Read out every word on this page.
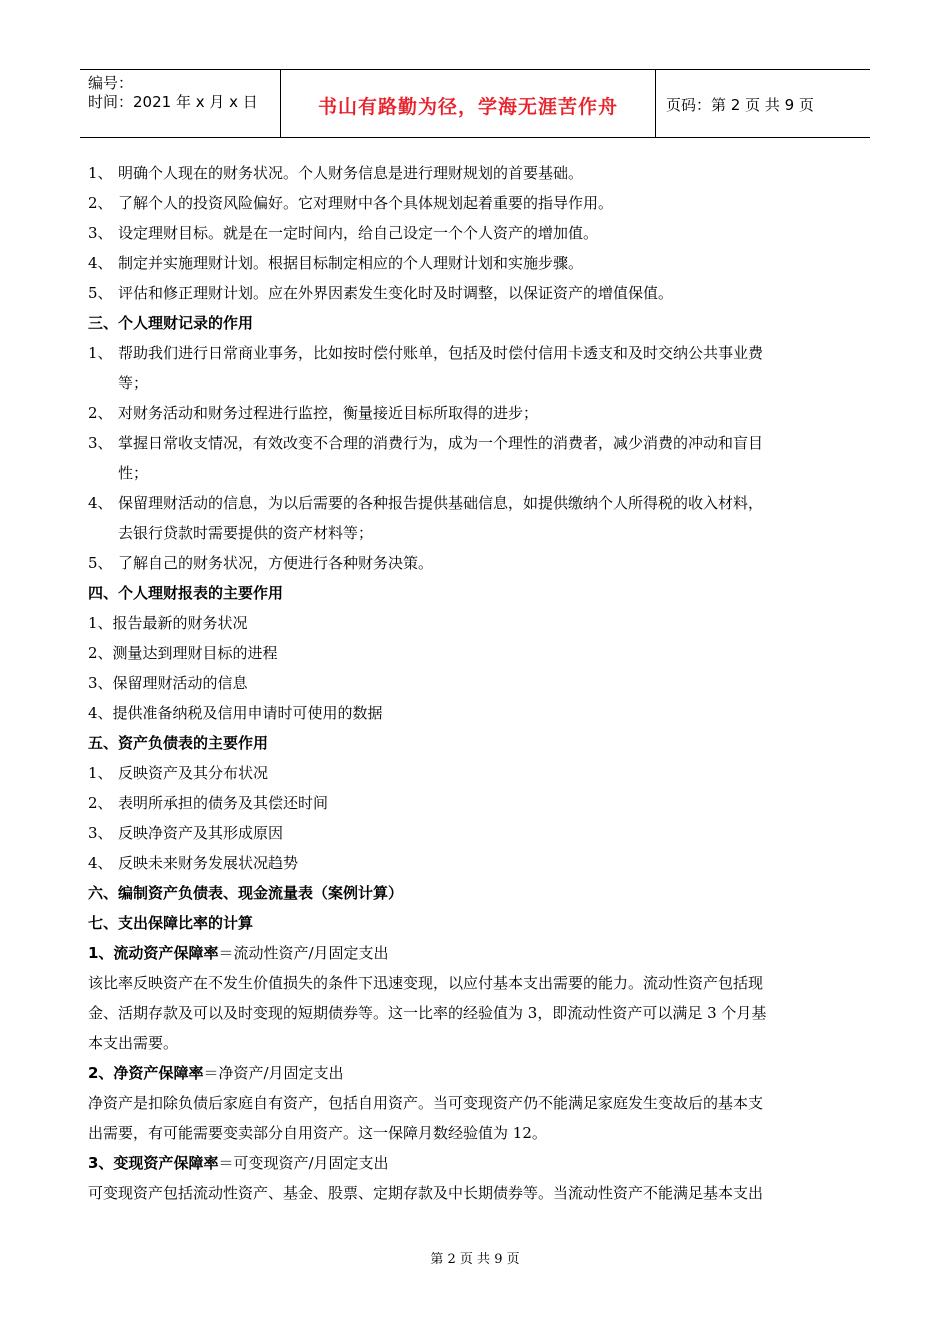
编号：
时间：2021 年 x 月 x 日	书山有路勤为径，学海无涯苦作舟	页码：第 2 页 共 9 页
1、 明确个人现在的财务状况。个人财务信息是进行理财规划的首要基础。
2、 了解个人的投资风险偏好。它对理财中各个具体规划起着重要的指导作用。
3、 设定理财目标。就是在一定时间内，给自己设定一个个人资产的增加值。
4、 制定并实施理财计划。根据目标制定相应的个人理财计划和实施步骤。
5、 评估和修正理财计划。应在外界因素发生变化时及时调整，以保证资产的增值保值。
三、个人理财记录的作用
1、 帮助我们进行日常商业事务，比如按时偿付账单，包括及时偿付信用卡透支和及时交纳公共事业费
等；
2、 对财务活动和财务过程进行监控，衡量接近目标所取得的进步；
3、 掌握日常收支情况，有效改变不合理的消费行为，成为一个理性的消费者，减少消费的冲动和盲目
性；
4、 保留理财活动的信息，为以后需要的各种报告提供基础信息，如提供缴纳个人所得税的收入材料，
去银行贷款时需要提供的资产材料等；
5、 了解自己的财务状况，方便进行各种财务决策。
四、个人理财报表的主要作用
1、报告最新的财务状况
2、测量达到理财目标的进程
3、保留理财活动的信息
4、提供准备纳税及信用申请时可使用的数据
五、资产负债表的主要作用
1、 反映资产及其分布状况
2、 表明所承担的债务及其偿还时间
3、 反映净资产及其形成原因
4、 反映未来财务发展状况趋势
六、编制资产负债表、现金流量表（案例计算）
七、支出保障比率的计算
1、流动资产保障率＝流动性资产/月固定支出
该比率反映资产在不发生价值损失的条件下迅速变现，以应付基本支出需要的能力。流动性资产包括现
金、活期存款及可以及时变现的短期债券等。这一比率的经验值为 3，即流动性资产可以满足 3 个月基
本支出需要。
2、净资产保障率＝净资产/月固定支出
净资产是扣除负债后家庭自有资产，包括自用资产。当可变现资产仍不能满足家庭发生变故后的基本支
出需要，有可能需要变卖部分自用资产。这一保障月数经验值为 12。
3、变现资产保障率＝可变现资产/月固定支出
可变现资产包括流动性资产、基金、股票、定期存款及中长期债券等。当流动性资产不能满足基本支出
第 2 页 共 9 页
